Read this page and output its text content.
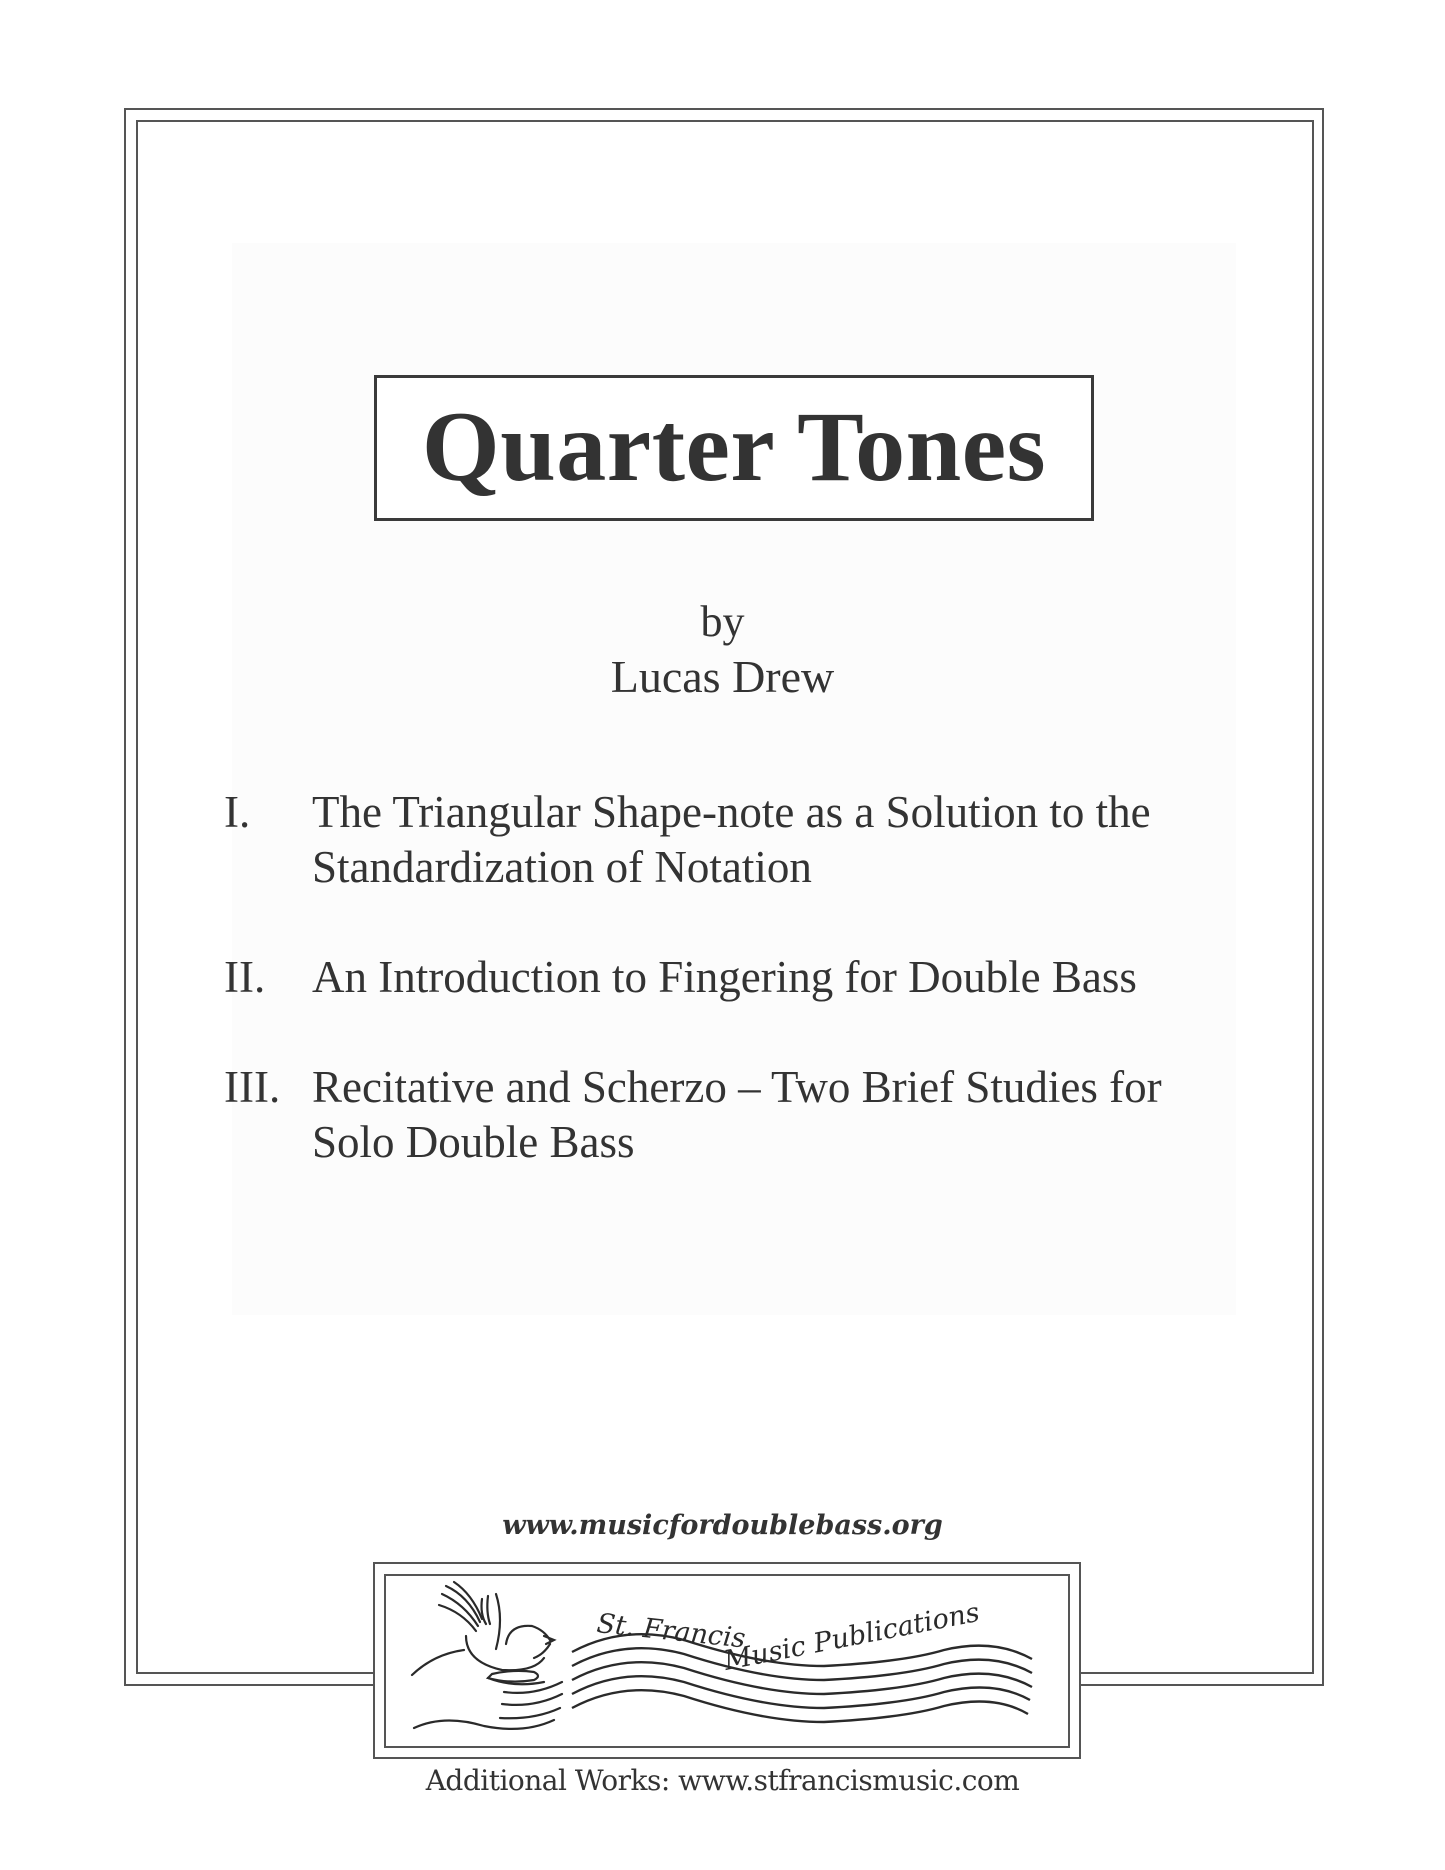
Quarter Tones
by
Lucas Drew
I. The Triangular Shape-note as a Solution to the
Standardization of Notation
II. An Introduction to Fingering for Double Bass
III. Recitative and Scherzo – Two Brief Studies for
Solo Double Bass
www.musicfordoublebass.org
St. Francis
Music Publications
Additional Works: www.stfrancismusic.com
